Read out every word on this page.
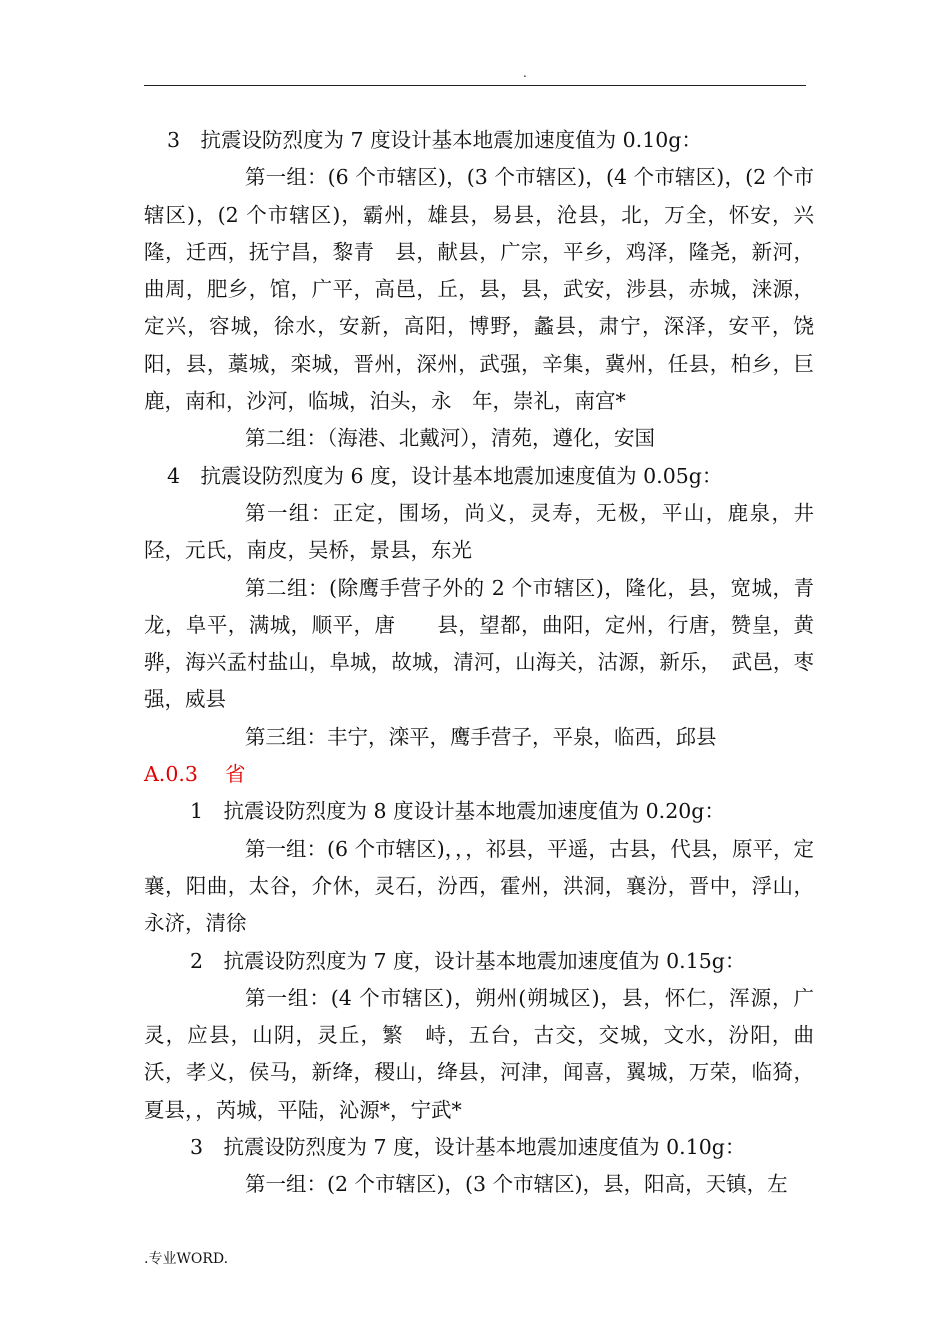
.

3　抗震设防烈度为 7 度设计基本地震加速度值为 0.10g：

第一组：(6 个市辖区)，(3 个市辖区)，(4 个市辖区)，(2 个市辖区)，(2 个市辖区)，霸州，雄县，易县，沧县，北，万全，怀安，兴隆，迁西，抚宁昌，黎青　县，献县，广宗，平乡，鸡泽，隆尧，新河，曲周，肥乡，馆，广平，高邑，丘，县，县，武安，涉县，赤城，涞源，定兴，容城，徐水，安新，高阳，博野，蠡县，肃宁，深泽，安平，饶阳，县，藁城，栾城，晋州，深州，武强，辛集，冀州，任县，柏乡，巨鹿，南和，沙河，临城，泊头，永　年，崇礼，南宫*

第二组：（海港、北戴河），清苑，遵化，安国

4　抗震设防烈度为 6 度，设计基本地震加速度值为 0.05g：

第一组：正定，围场，尚义，灵寿，无极，平山，鹿泉，井陉，元氏，南皮，吴桥，景县，东光

第二组：(除鹰手营子外的 2 个市辖区)，隆化，县，宽城，青龙，阜平，满城，顺平，唐　　县，望都，曲阳，定州，行唐，赞皇，黄骅，海兴孟村盐山，阜城，故城，清河，山海关，沽源，新乐，　武邑，枣强，威县

第三组：丰宁，滦平，鹰手营子，平泉，临西，邱县

A.0.3　 省

1　抗震设防烈度为 8 度设计基本地震加速度值为 0.20g：

第一组：(6 个市辖区)，，，祁县，平遥，古县，代县，原平，定襄，阳曲，太谷，介休，灵石，汾西，霍州，洪洞，襄汾，晋中，浮山，永济，清徐

2　抗震设防烈度为 7 度，设计基本地震加速度值为 0.15g：

第一组：(4 个市辖区)，朔州(朔城区)，县，怀仁，浑源，广灵，应县，山阴，灵丘，繁　峙，五台，古交，交城，文水，汾阳，曲沃，孝义，侯马，新绛，稷山，绛县，河津，闻喜，翼城，万荣，临猗，夏县，，芮城，平陆，沁源*，宁武*

3　抗震设防烈度为 7 度，设计基本地震加速度值为 0.10g：

第一组：(2 个市辖区)，(3 个市辖区)，县，阳高，天镇，左

.专业WORD.
